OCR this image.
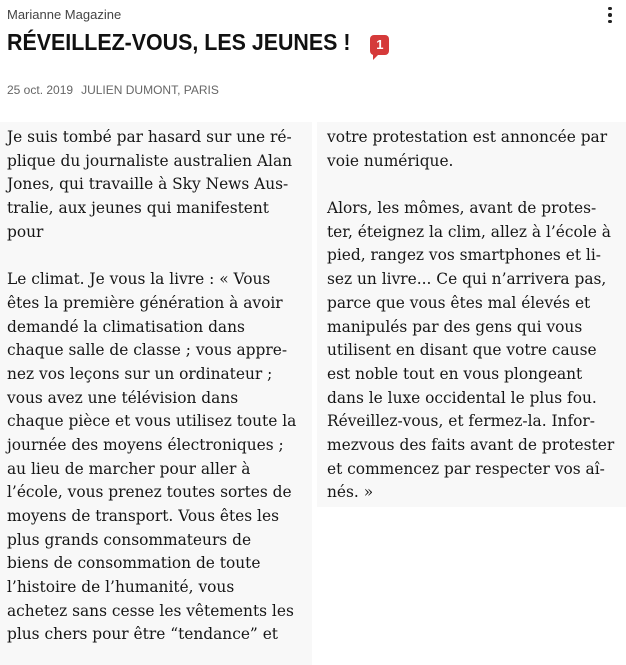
Marianne Magazine
RÉVEILLEZ-VOUS, LES JEUNES !	1
25 oct. 2019 JULIEN DUMONT, PARIS
Je suis tombé par hasard sur une ré-
plique du journaliste australien Alan
Jones, qui travaille à Sky News Aus-
tralie, aux jeunes qui manifestent
pour
Le climat. Je vous la livre : « Vous
êtes la première génération à avoir
demandé la climatisation dans
chaque salle de classe ; vous appre-
nez vos leçons sur un ordinateur ;
vous avez une télévision dans
chaque pièce et vous utilisez toute la
journée des moyens électroniques ;
au lieu de marcher pour aller à
l’école, vous prenez toutes sortes de
moyens de transport. Vous êtes les
plus grands consommateurs de
biens de consommation de toute
l’histoire de l’humanité, vous
achetez sans cesse les vêtements les
plus chers pour être “tendance” et
votre protestation est annoncée par
voie numérique.
Alors, les mômes, avant de protes-
ter, éteignez la clim, allez à l’école à
pied, rangez vos smartphones et li-
sez un livre... Ce qui n’arrivera pas,
parce que vous êtes mal élevés et
manipulés par des gens qui vous
utilisent en disant que votre cause
est noble tout en vous plongeant
dans le luxe occidental le plus fou.
Réveillez-vous, et fermez-la. Infor-
mezvous des faits avant de protester
et commencez par respecter vos aî-
nés. »
